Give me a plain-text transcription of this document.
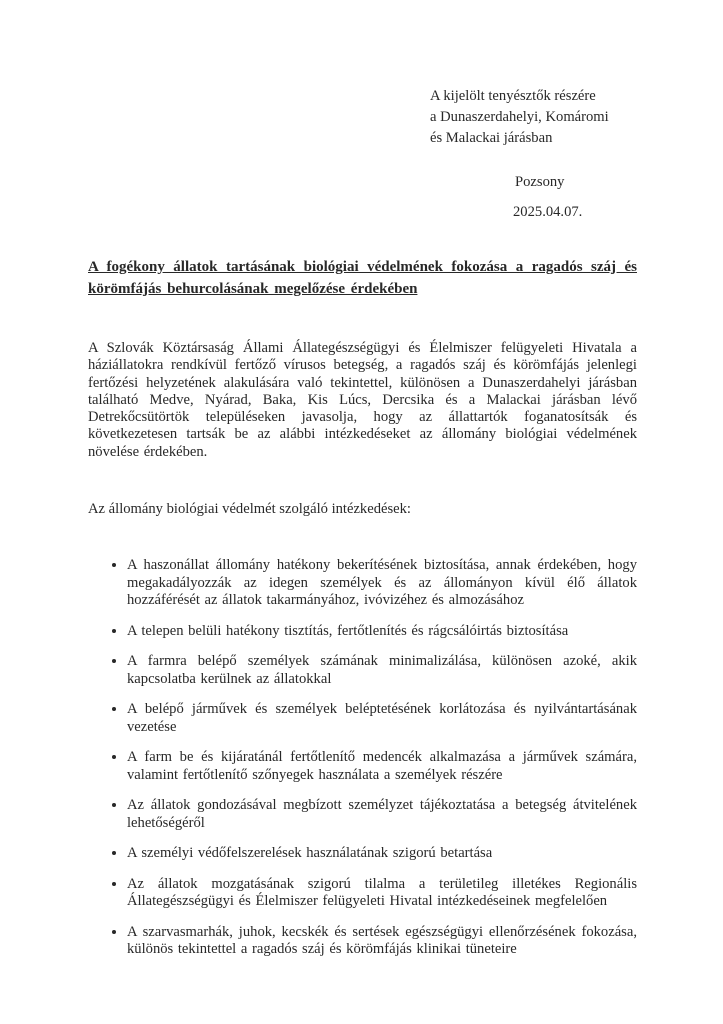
A kijelölt tenyésztők részére
a Dunaszerdahelyi, Komáromi
és Malackai járásban
Pozsony
2025.04.07.
A fogékony állatok tartásának biológiai védelmének fokozása a ragadós száj és körömfájás behurcolásának megelőzése érdekében

A Szlovák Köztársaság Állami Állategészségügyi és Élelmiszer felügyeleti Hivatala a háziállatokra rendkívül fertőző vírusos betegség, a ragadós száj és körömfájás jelenlegi fertőzési helyzetének alakulására való tekintettel, különösen a Dunaszerdahelyi járásban található Medve, Nyárad, Baka, Kis Lúcs, Dercsika és a Malackai járásban lévő Detrekőcsütörtök településeken javasolja, hogy az állattartók foganatosítsák és következetesen tartsák be az alábbi intézkedéseket az állomány biológiai védelmének növelése érdekében.

Az állomány biológiai védelmét szolgáló intézkedések:

• A haszonállat állomány hatékony bekerítésének biztosítása, annak érdekében, hogy megakadályozzák az idegen személyek és az állományon kívül élő állatok hozzáférését az állatok takarmányához, ivóvizéhez és almozásához
• A telepen belüli hatékony tisztítás, fertőtlenítés és rágcsálóirtás biztosítása
• A farmra belépő személyek számának minimalizálása, különösen azoké, akik kapcsolatba kerülnek az állatokkal
• A belépő járművek és személyek beléptetésének korlátozása és nyilvántartásának vezetése
• A farm be és kijáratánál fertőtlenítő medencék alkalmazása a járművek számára, valamint fertőtlenítő szőnyegek használata a személyek részére
• Az állatok gondozásával megbízott személyzet tájékoztatása a betegség átvitelének lehetőségéről
• A személyi védőfelszerelések használatának szigorú betartása
• Az állatok mozgatásának szigorú tilalma a területileg illetékes Regionális Állategészségügyi és Élelmiszer felügyeleti Hivatal intézkedéseinek megfelelően
• A szarvasmarhák, juhok, kecskék és sertések egészségügyi ellenőrzésének fokozása, különös tekintettel a ragadós száj és körömfájás klinikai tüneteire
